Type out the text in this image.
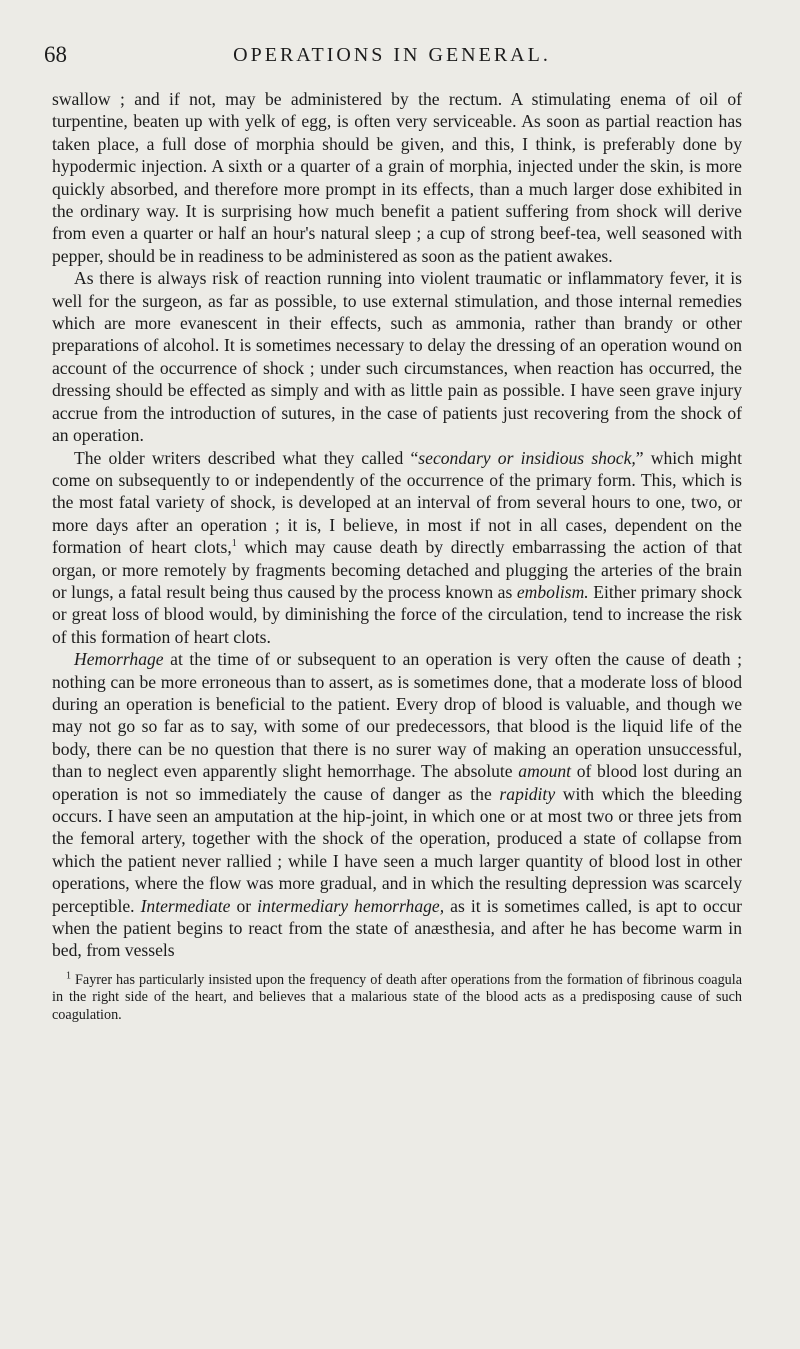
68	OPERATIONS IN GENERAL.

swallow ; and if not, may be administered by the rectum. A stimulating enema of oil of turpentine, beaten up with yelk of egg, is often very serviceable. As soon as partial reaction has taken place, a full dose of morphia should be given, and this, I think, is preferably done by hypodermic injection. A sixth or a quarter of a grain of morphia, injected under the skin, is more quickly absorbed, and therefore more prompt in its effects, than a much larger dose exhibited in the ordinary way. It is surprising how much benefit a patient suffering from shock will derive from even a quarter or half an hour's natural sleep ; a cup of strong beef-tea, well seasoned with pepper, should be in readiness to be administered as soon as the patient awakes.

As there is always risk of reaction running into violent traumatic or inflammatory fever, it is well for the surgeon, as far as possible, to use external stimulation, and those internal remedies which are more evanescent in their effects, such as ammonia, rather than brandy or other preparations of alcohol. It is sometimes necessary to delay the dressing of an operation wound on account of the occurrence of shock ; under such circumstances, when reaction has occurred, the dressing should be effected as simply and with as little pain as possible. I have seen grave injury accrue from the introduction of sutures, in the case of patients just recovering from the shock of an operation.

The older writers described what they called “secondary or insidious shock,” which might come on subsequently to or independently of the occurrence of the primary form. This, which is the most fatal variety of shock, is developed at an interval of from several hours to one, two, or more days after an operation ; it is, I believe, in most if not in all cases, dependent on the formation of heart clots,$^1$ which may cause death by directly embarrassing the action of that organ, or more remotely by fragments becoming detached and plugging the arteries of the brain or lungs, a fatal result being thus caused by the process known as embolism. Either primary shock or great loss of blood would, by diminishing the force of the circulation, tend to increase the risk of this formation of heart clots.

Hemorrhage at the time of or subsequent to an operation is very often the cause of death ; nothing can be more erroneous than to assert, as is sometimes done, that a moderate loss of blood during an operation is beneficial to the patient. Every drop of blood is valuable, and though we may not go so far as to say, with some of our predecessors, that blood is the liquid life of the body, there can be no question that there is no surer way of making an operation unsuccessful, than to neglect even apparently slight hemorrhage. The absolute amount of blood lost during an operation is not so immediately the cause of danger as the rapidity with which the bleeding occurs. I have seen an amputation at the hip-joint, in which one or at most two or three jets from the femoral artery, together with the shock of the operation, produced a state of collapse from which the patient never rallied ; while I have seen a much larger quantity of blood lost in other operations, where the flow was more gradual, and in which the resulting depression was scarcely perceptible. Intermediate or intermediary hemorrhage, as it is sometimes called, is apt to occur when the patient begins to react from the state of anæsthesia, and after he has become warm in bed, from vessels

$^1$ Fayrer has particularly insisted upon the frequency of death after operations from the formation of fibrinous coagula in the right side of the heart, and believes that a malarious state of the blood acts as a predisposing cause of such coagulation.
